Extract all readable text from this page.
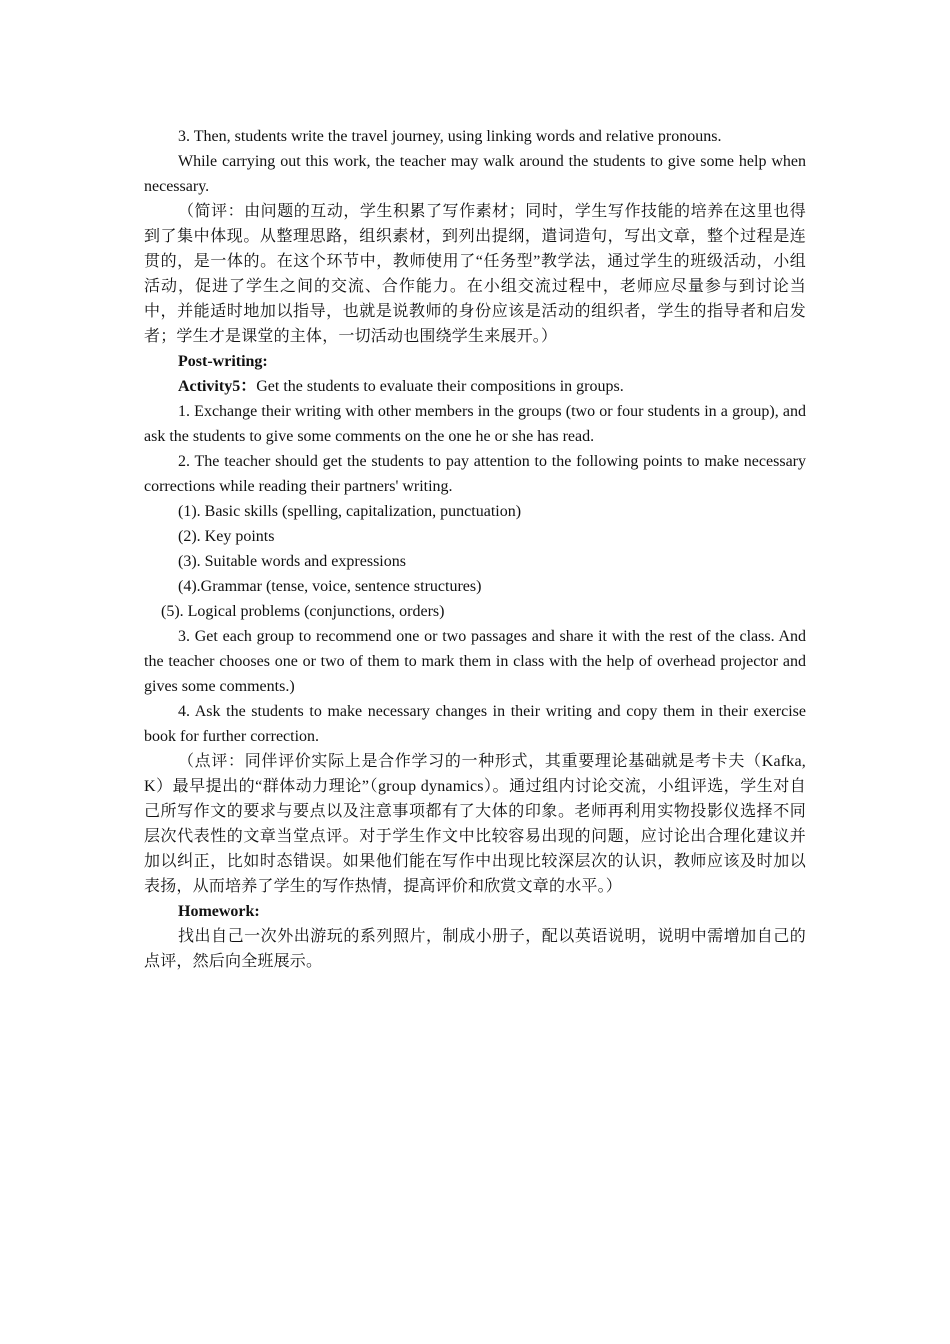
3. Then, students write the travel journey, using linking words and relative pronouns.

While carrying out this work, the teacher may walk around the students to give some help when necessary.

（简评：由问题的互动，学生积累了写作素材；同时，学生写作技能的培养在这里也得到了集中体现。从整理思路，组织素材，到列出提纲，遣词造句，写出文章，整个过程是连贯的，是一体的。在这个环节中，教师使用了“任务型”教学法，通过学生的班级活动，小组活动，促进了学生之间的交流、合作能力。在小组交流过程中，老师应尽量参与到讨论当中，并能适时地加以指导，也就是说教师的身份应该是活动的组织者，学生的指导者和启发者；学生才是课堂的主体，一切活动也围绕学生来展开。）

Post-writing:

Activity5：Get the students to evaluate their compositions in groups.

1. Exchange their writing with other members in the groups (two or four students in a group), and ask the students to give some comments on the one he or she has read.

2. The teacher should get the students to pay attention to the following points to make necessary corrections while reading their partners' writing.

(1). Basic skills (spelling, capitalization, punctuation)

(2). Key points

(3). Suitable words and expressions

(4).Grammar (tense, voice, sentence structures)

(5). Logical problems (conjunctions, orders)

3. Get each group to recommend one or two passages and share it with the rest of the class. And the teacher chooses one or two of them to mark them in class with the help of overhead projector and gives some comments.)

4. Ask the students to make necessary changes in their writing and copy them in their exercise book for further correction.

（点评：同伴评价实际上是合作学习的一种形式，其重要理论基础就是考卡夫（Kafka, K）最早提出的“群体动力理论”（group dynamics）。通过组内讨论交流，小组评选，学生对自己所写作文的要求与要点以及注意事项都有了大体的印象。老师再利用实物投影仪选择不同层次代表性的文章当堂点评。对于学生作文中比较容易出现的问题，应讨论出合理化建议并加以纠正，比如时态错误。如果他们能在写作中出现比较深层次的认识，教师应该及时加以表扬，从而培养了学生的写作热情，提高评价和欣赏文章的水平。）

Homework:

找出自己一次外出游玩的系列照片，制成小册子，配以英语说明，说明中需增加自己的点评，然后向全班展示。
